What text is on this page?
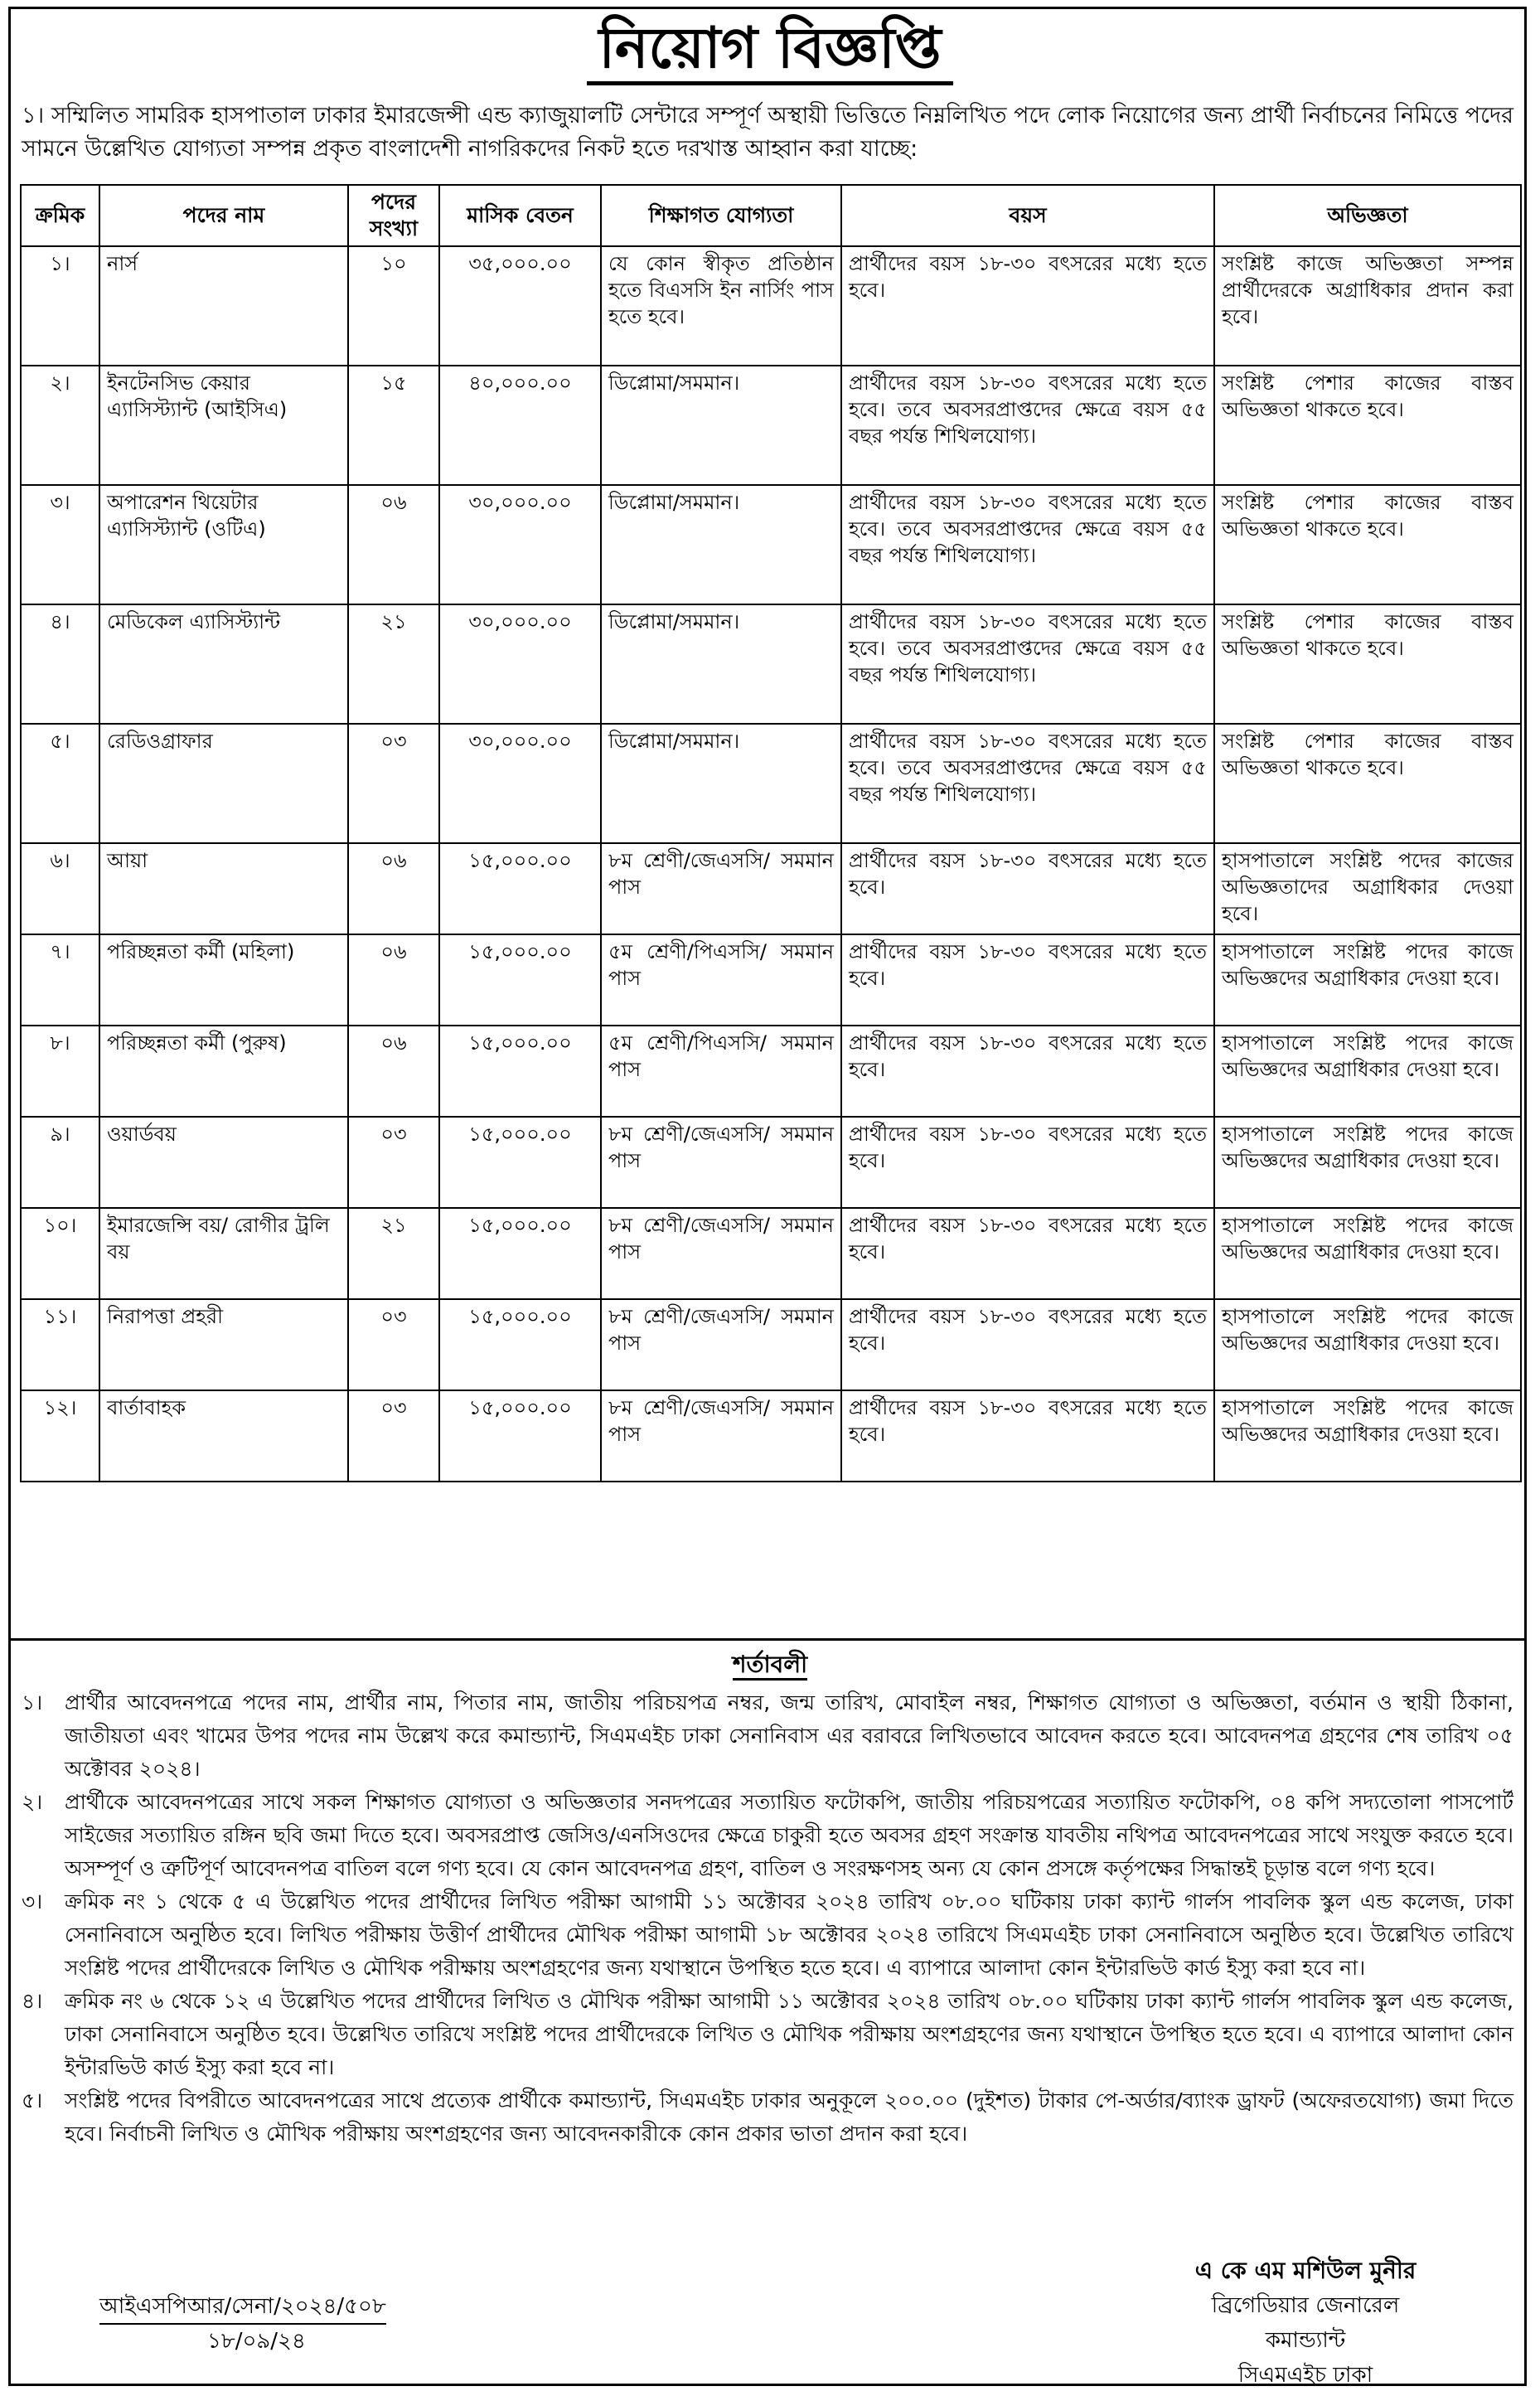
নিয়োগ বিজ্ঞপ্তি
১। সম্মিলিত সামরিক হাসপাতাল ঢাকার ইমারজেন্সী এন্ড ক্যাজুয়ালটি সেন্টারে সম্পূর্ণ অস্থায়ী ভিত্তিতে নিম্নলিখিত পদে লোক নিয়োগের জন্য প্রার্থী নির্বাচনের নিমিত্তে পদের সামনে উল্লেখিত যোগ্যতা সম্পন্ন প্রকৃত বাংলাদেশী নাগরিকদের নিকট হতে দরখাস্ত আহ্বান করা যাচ্ছে:
ক্রমিক	পদের নাম	পদের সংখ্যা	মাসিক বেতন	শিক্ষাগত যোগ্যতা	বয়স	অভিজ্ঞতা
১।	নার্স	১০	৩৫,০০০.০০	যে কোন স্বীকৃত প্রতিষ্ঠান হতে বিএসসি ইন নার্সিং পাস হতে হবে।	প্রার্থীদের বয়স ১৮-৩০ বৎসরের মধ্যে হতে হবে।	সংশ্লিষ্ট কাজে অভিজ্ঞতা সম্পন্ন প্রার্থীদেরকে অগ্রাধিকার প্রদান করা হবে।
২।	ইনটেনসিভ কেয়ার এ্যাসিস্ট্যান্ট (আইসিএ)	১৫	৪০,০০০.০০	ডিপ্লোমা/সমমান।	প্রার্থীদের বয়স ১৮-৩০ বৎসরের মধ্যে হতে হবে। তবে অবসরপ্রাপ্তদের ক্ষেত্রে বয়স ৫৫ বছর পর্যন্ত শিথিলযোগ্য।	সংশ্লিষ্ট পেশার কাজের বাস্তব অভিজ্ঞতা থাকতে হবে।
৩।	অপারেশন থিয়েটার এ্যাসিস্ট্যান্ট (ওটিএ)	০৬	৩০,০০০.০০	ডিপ্লোমা/সমমান।	প্রার্থীদের বয়স ১৮-৩০ বৎসরের মধ্যে হতে হবে। তবে অবসরপ্রাপ্তদের ক্ষেত্রে বয়স ৫৫ বছর পর্যন্ত শিথিলযোগ্য।	সংশ্লিষ্ট পেশার কাজের বাস্তব অভিজ্ঞতা থাকতে হবে।
৪।	মেডিকেল এ্যাসিস্ট্যান্ট	২১	৩০,০০০.০০	ডিপ্লোমা/সমমান।	প্রার্থীদের বয়স ১৮-৩০ বৎসরের মধ্যে হতে হবে। তবে অবসরপ্রাপ্তদের ক্ষেত্রে বয়স ৫৫ বছর পর্যন্ত শিথিলযোগ্য।	সংশ্লিষ্ট পেশার কাজের বাস্তব অভিজ্ঞতা থাকতে হবে।
৫।	রেডিওগ্রাফার	০৩	৩০,০০০.০০	ডিপ্লোমা/সমমান।	প্রার্থীদের বয়স ১৮-৩০ বৎসরের মধ্যে হতে হবে। তবে অবসরপ্রাপ্তদের ক্ষেত্রে বয়স ৫৫ বছর পর্যন্ত শিথিলযোগ্য।	সংশ্লিষ্ট পেশার কাজের বাস্তব অভিজ্ঞতা থাকতে হবে।
৬।	আয়া	০৬	১৫,০০০.০০	৮ম শ্রেণী/জেএসসি/ সমমান পাস	প্রার্থীদের বয়স ১৮-৩০ বৎসরের মধ্যে হতে হবে।	হাসপাতালে সংশ্লিষ্ট পদের কাজের অভিজ্ঞতাদের অগ্রাধিকার দেওয়া হবে।
৭।	পরিচ্ছন্নতা কর্মী (মহিলা)	০৬	১৫,০০০.০০	৫ম শ্রেণী/পিএসসি/ সমমান পাস	প্রার্থীদের বয়স ১৮-৩০ বৎসরের মধ্যে হতে হবে।	হাসপাতালে সংশ্লিষ্ট পদের কাজে অভিজ্ঞদের অগ্রাধিকার দেওয়া হবে।
৮।	পরিচ্ছন্নতা কর্মী (পুরুষ)	০৬	১৫,০০০.০০	৫ম শ্রেণী/পিএসসি/ সমমান পাস	প্রার্থীদের বয়স ১৮-৩০ বৎসরের মধ্যে হতে হবে।	হাসপাতালে সংশ্লিষ্ট পদের কাজে অভিজ্ঞদের অগ্রাধিকার দেওয়া হবে।
৯।	ওয়ার্ডবয়	০৩	১৫,০০০.০০	৮ম শ্রেণী/জেএসসি/ সমমান পাস	প্রার্থীদের বয়স ১৮-৩০ বৎসরের মধ্যে হতে হবে।	হাসপাতালে সংশ্লিষ্ট পদের কাজে অভিজ্ঞদের অগ্রাধিকার দেওয়া হবে।
১০।	ইমারজেন্সি বয়/ রোগীর ট্রলি বয়	২১	১৫,০০০.০০	৮ম শ্রেণী/জেএসসি/ সমমান পাস	প্রার্থীদের বয়স ১৮-৩০ বৎসরের মধ্যে হতে হবে।	হাসপাতালে সংশ্লিষ্ট পদের কাজে অভিজ্ঞদের অগ্রাধিকার দেওয়া হবে।
১১।	নিরাপত্তা প্রহরী	০৩	১৫,০০০.০০	৮ম শ্রেণী/জেএসসি/ সমমান পাস	প্রার্থীদের বয়স ১৮-৩০ বৎসরের মধ্যে হতে হবে।	হাসপাতালে সংশ্লিষ্ট পদের কাজে অভিজ্ঞদের অগ্রাধিকার দেওয়া হবে।
১২।	বার্তাবাহক	০৩	১৫,০০০.০০	৮ম শ্রেণী/জেএসসি/ সমমান পাস	প্রার্থীদের বয়স ১৮-৩০ বৎসরের মধ্যে হতে হবে।	হাসপাতালে সংশ্লিষ্ট পদের কাজে অভিজ্ঞদের অগ্রাধিকার দেওয়া হবে।
শর্তাবলী
১।	প্রার্থীর আবেদনপত্রে পদের নাম, প্রার্থীর নাম, পিতার নাম, জাতীয় পরিচয়পত্র নম্বর, জন্ম তারিখ, মোবাইল নম্বর, শিক্ষাগত যোগ্যতা ও অভিজ্ঞতা, বর্তমান ও স্থায়ী ঠিকানা, জাতীয়তা এবং খামের উপর পদের নাম উল্লেখ করে কমান্ড্যান্ট, সিএমএইচ ঢাকা সেনানিবাস এর বরাবরে লিখিতভাবে আবেদন করতে হবে। আবেদনপত্র গ্রহণের শেষ তারিখ ০৫ অক্টোবর ২০২৪।
২।	প্রার্থীকে আবেদনপত্রের সাথে সকল শিক্ষাগত যোগ্যতা ও অভিজ্ঞতার সনদপত্রের সত্যায়িত ফটোকপি, জাতীয় পরিচয়পত্রের সত্যায়িত ফটোকপি, ০৪ কপি সদ্যতোলা পাসপোর্ট সাইজের সত্যায়িত রঙ্গিন ছবি জমা দিতে হবে। অবসরপ্রাপ্ত জেসিও/এনসিওদের ক্ষেত্রে চাকুরী হতে অবসর গ্রহণ সংক্রান্ত যাবতীয় নথিপত্র আবেদনপত্রের সাথে সংযুক্ত করতে হবে। অসম্পূর্ণ ও ত্রুটিপূর্ণ আবেদনপত্র বাতিল বলে গণ্য হবে। যে কোন আবেদনপত্র গ্রহণ, বাতিল ও সংরক্ষণসহ অন্য যে কোন প্রসঙ্গে কর্তৃপক্ষের সিদ্ধান্তই চূড়ান্ত বলে গণ্য হবে।
৩।	ক্রমিক নং ১ থেকে ৫ এ উল্লেখিত পদের প্রার্থীদের লিখিত পরীক্ষা আগামী ১১ অক্টোবর ২০২৪ তারিখ ০৮.০০ ঘটিকায় ঢাকা ক্যান্ট গার্লস পাবলিক স্কুল এন্ড কলেজ, ঢাকা সেনানিবাসে অনুষ্ঠিত হবে। লিখিত পরীক্ষায় উত্তীর্ণ প্রার্থীদের মৌখিক পরীক্ষা আগামী ১৮ অক্টোবর ২০২৪ তারিখে সিএমএইচ ঢাকা সেনানিবাসে অনুষ্ঠিত হবে। উল্লেখিত তারিখে সংশ্লিষ্ট পদের প্রার্থীদেরকে লিখিত ও মৌখিক পরীক্ষায় অংশগ্রহণের জন্য যথাস্থানে উপস্থিত হতে হবে। এ ব্যাপারে আলাদা কোন ইন্টারভিউ কার্ড ইস্যু করা হবে না।
৪।	ক্রমিক নং ৬ থেকে ১২ এ উল্লেখিত পদের প্রার্থীদের লিখিত ও মৌখিক পরীক্ষা আগামী ১১ অক্টোবর ২০২৪ তারিখ ০৮.০০ ঘটিকায় ঢাকা ক্যান্ট গার্লস পাবলিক স্কুল এন্ড কলেজ, ঢাকা সেনানিবাসে অনুষ্ঠিত হবে। উল্লেখিত তারিখে সংশ্লিষ্ট পদের প্রার্থীদেরকে লিখিত ও মৌখিক পরীক্ষায় অংশগ্রহণের জন্য যথাস্থানে উপস্থিত হতে হবে। এ ব্যাপারে আলাদা কোন ইন্টারভিউ কার্ড ইস্যু করা হবে না।
৫।	সংশ্লিষ্ট পদের বিপরীতে আবেদনপত্রের সাথে প্রত্যেক প্রার্থীকে কমান্ড্যান্ট, সিএমএইচ ঢাকার অনুকূলে ২০০.০০ (দুইশত) টাকার পে-অর্ডার/ব্যাংক ড্রাফট (অফেরতযোগ্য) জমা দিতে হবে। নির্বাচনী লিখিত ও মৌখিক পরীক্ষায় অংশগ্রহণের জন্য আবেদনকারীকে কোন প্রকার ভাতা প্রদান করা হবে।
আইএসপিআর/সেনা/২০২৪/৫০৮
১৮/০৯/২৪
এ কে এম মশিউল মুনীর
ব্রিগেডিয়ার জেনারেল
কমান্ড্যান্ট
সিএমএইচ ঢাকা
